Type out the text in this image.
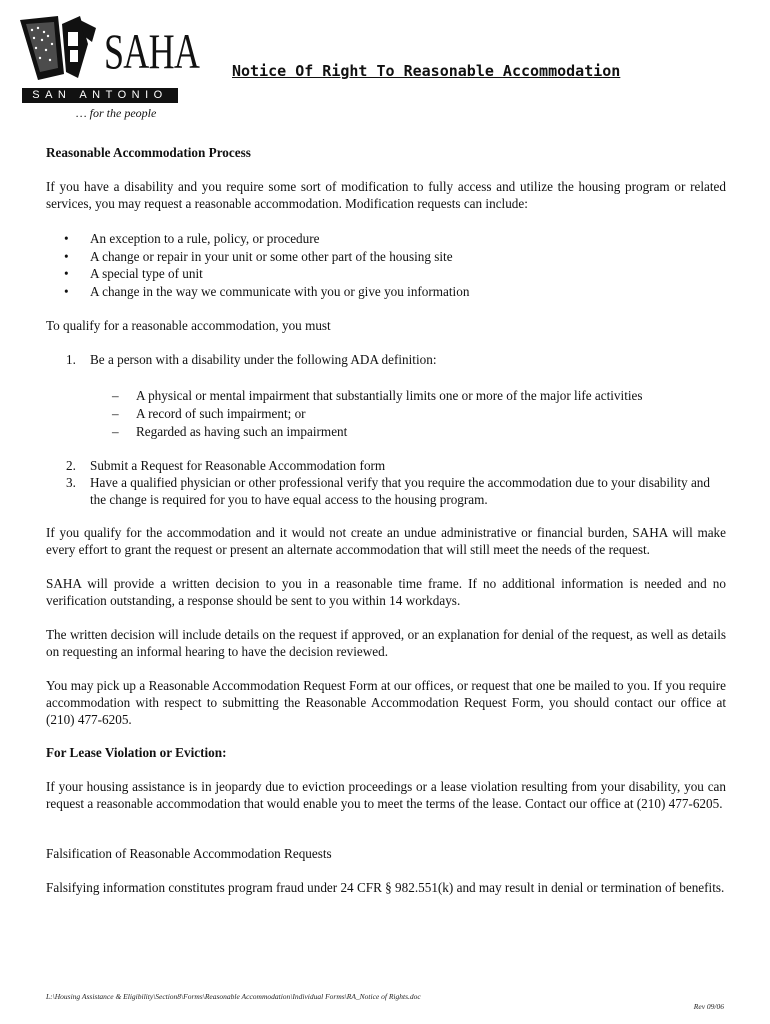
SAHA
SAN ANTONIO
… for the people
Notice Of Right To Reasonable Accommodation
Reasonable Accommodation Process
If you have a disability and you require some sort of modification to fully access and utilize the housing program or related services, you may request a reasonable accommodation. Modification requests can include:
• An exception to a rule, policy, or procedure
• A change or repair in your unit or some other part of the housing site
• A special type of unit
• A change in the way we communicate with you or give you information
To qualify for a reasonable accommodation, you must
1. Be a person with a disability under the following ADA definition:
– A physical or mental impairment that substantially limits one or more of the major life activities
– A record of such impairment; or
– Regarded as having such an impairment
2. Submit a Request for Reasonable Accommodation form
3. Have a qualified physician or other professional verify that you require the accommodation due to your disability and the change is required for you to have equal access to the housing program.
If you qualify for the accommodation and it would not create an undue administrative or financial burden, SAHA will make every effort to grant the request or present an alternate accommodation that will still meet the needs of the request.
SAHA will provide a written decision to you in a reasonable time frame. If no additional information is needed and no verification outstanding, a response should be sent to you within 14 workdays.
The written decision will include details on the request if approved, or an explanation for denial of the request, as well as details on requesting an informal hearing to have the decision reviewed.
You may pick up a Reasonable Accommodation Request Form at our offices, or request that one be mailed to you. If you require accommodation with respect to submitting the Reasonable Accommodation Request Form, you should contact our office at (210) 477-6205.
For Lease Violation or Eviction:
If your housing assistance is in jeopardy due to eviction proceedings or a lease violation resulting from your disability, you can request a reasonable accommodation that would enable you to meet the terms of the lease. Contact our office at (210) 477-6205.
Falsification of Reasonable Accommodation Requests
Falsifying information constitutes program fraud under 24 CFR § 982.551(k) and may result in denial or termination of benefits.
L:\Housing Assistance & Eligibility\Section8\Forms\Reasonable Accommodation\Individual Forms\RA_Notice of Rights.doc
Rev 09/06
